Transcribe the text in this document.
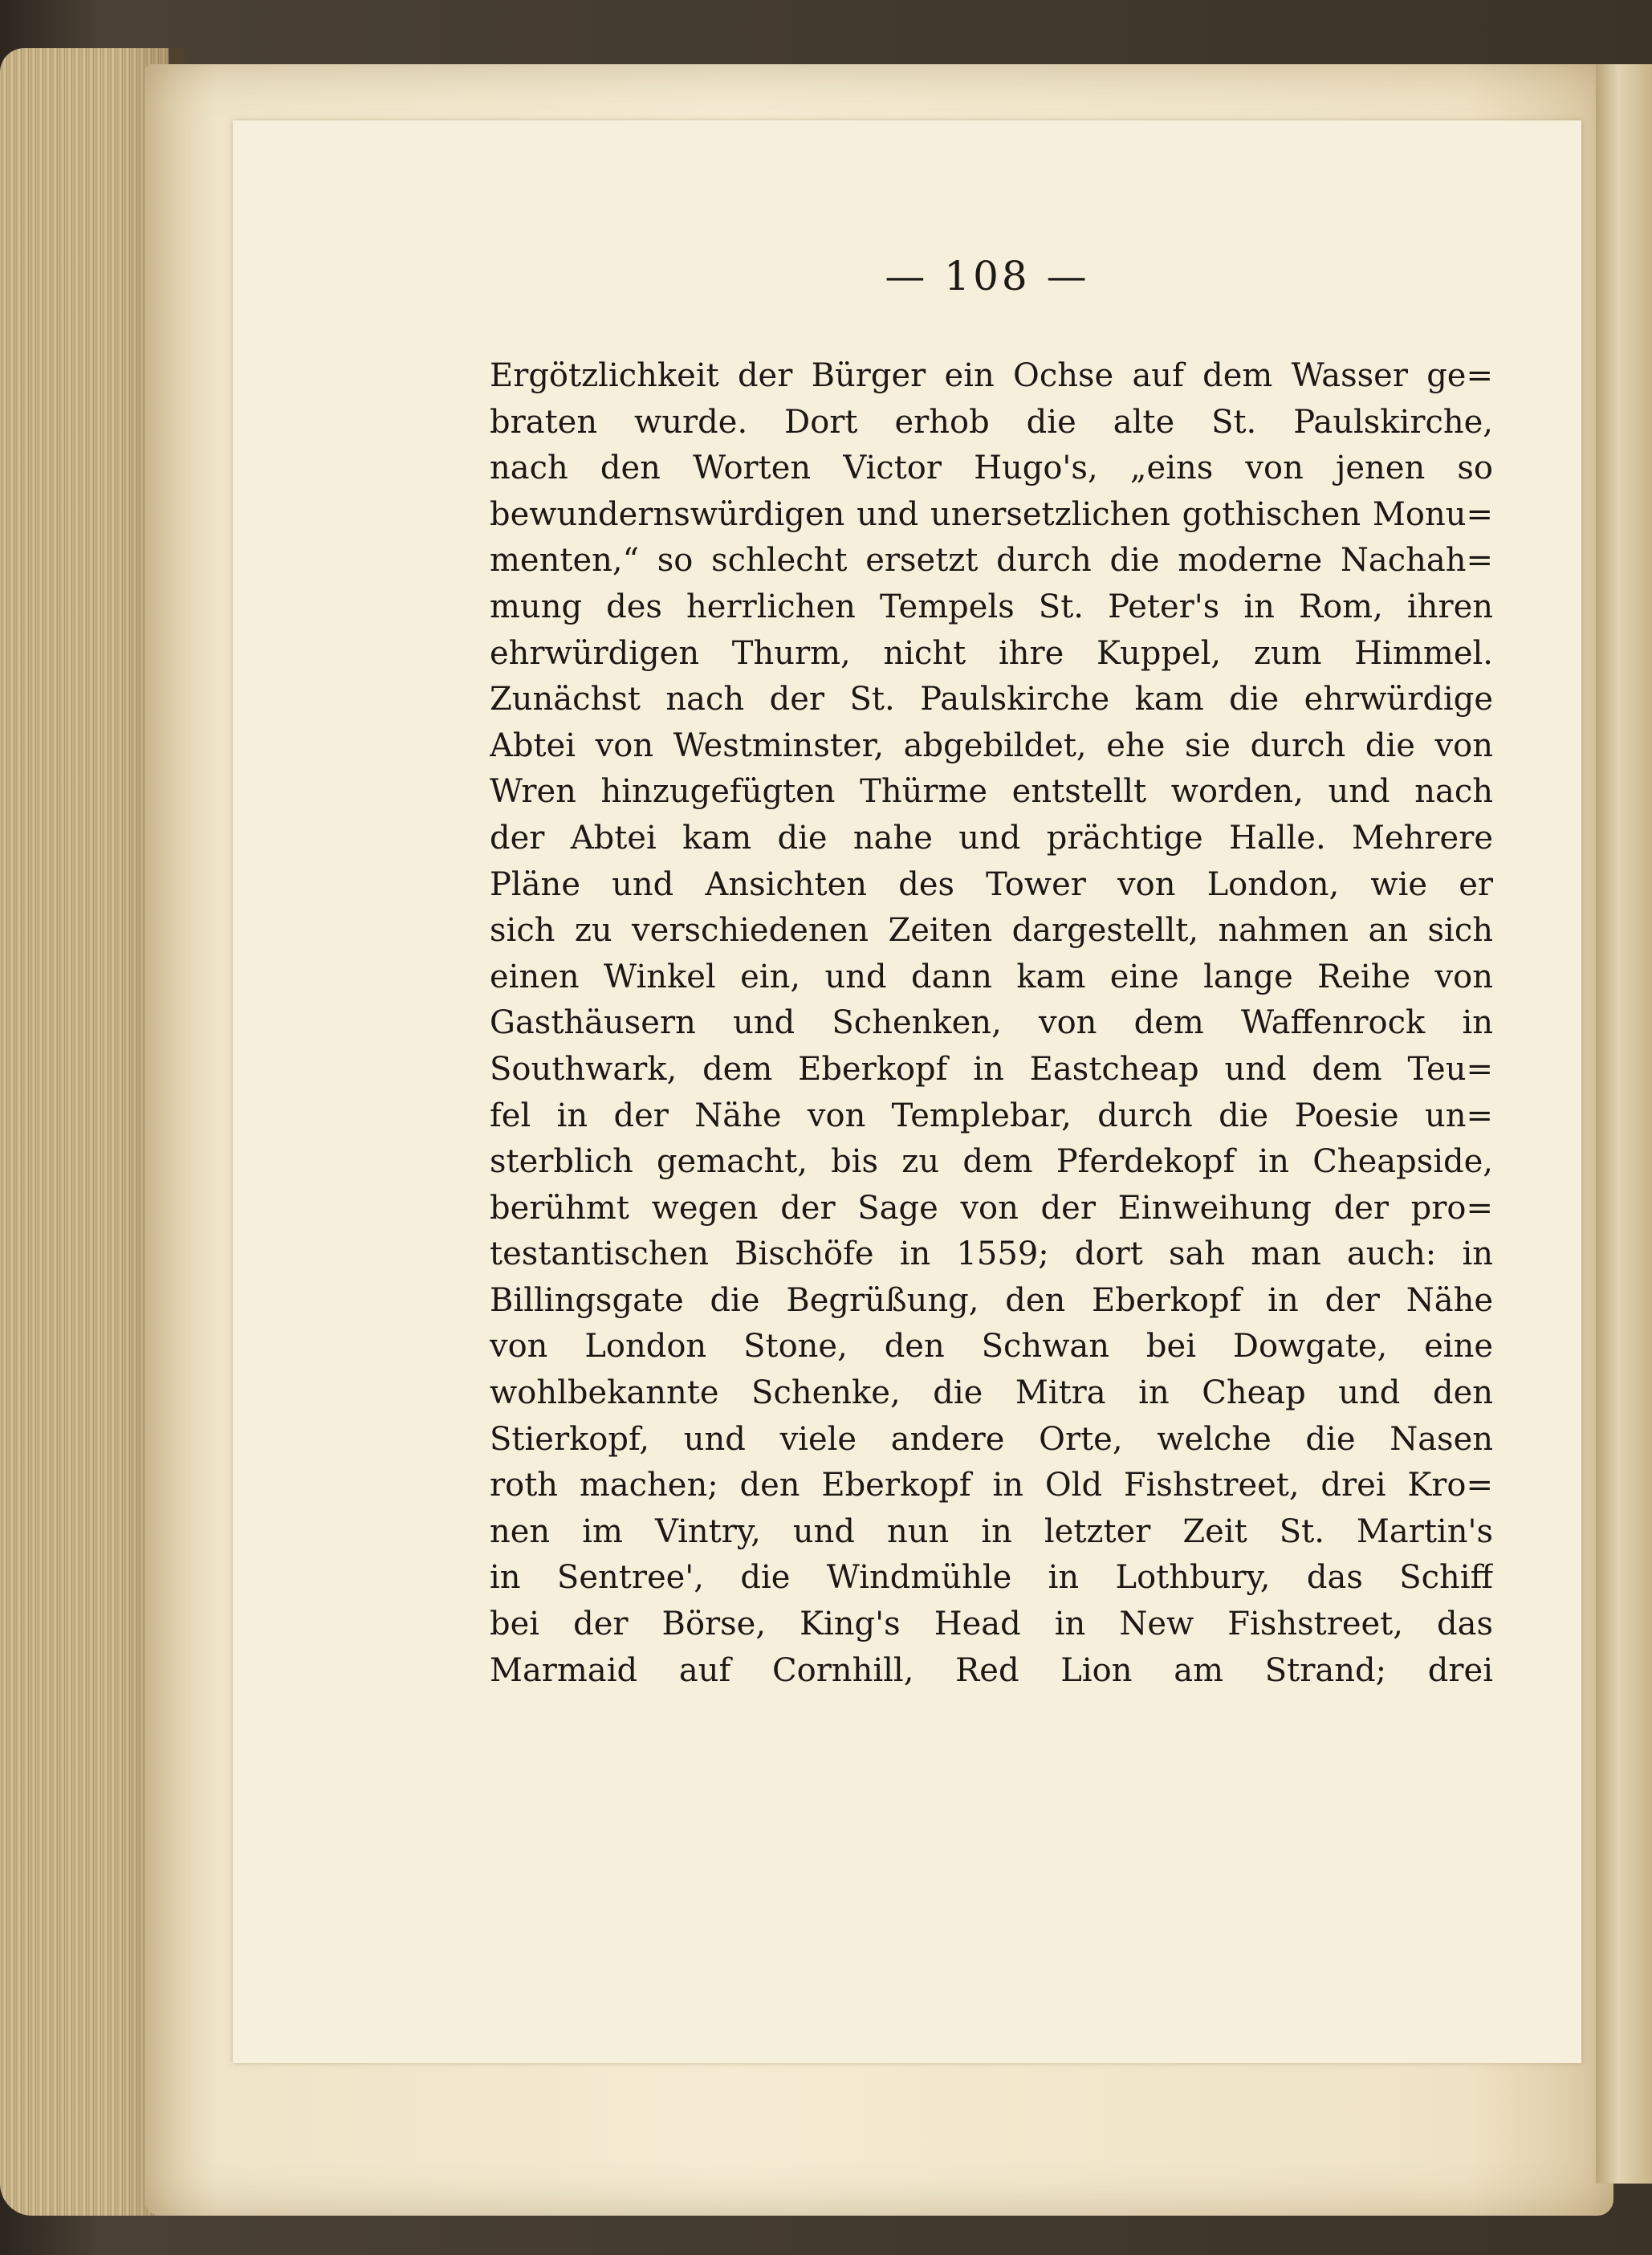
— 108 —
Ergötzlichkeit der Bürger ein Ochse auf dem Wasser ge=
braten wurde. Dort erhob die alte St. Paulskirche,
nach den Worten Victor Hugo's, „eins von jenen so
bewundernswürdigen und unersetzlichen gothischen Monu=
menten,“ so schlecht ersetzt durch die moderne Nachah=
mung des herrlichen Tempels St. Peter's in Rom, ihren
ehrwürdigen Thurm, nicht ihre Kuppel, zum Himmel.
Zunächst nach der St. Paulskirche kam die ehrwürdige
Abtei von Westminster, abgebildet, ehe sie durch die von
Wren hinzugefügten Thürme entstellt worden, und nach
der Abtei kam die nahe und prächtige Halle. Mehrere
Pläne und Ansichten des Tower von London, wie er
sich zu verschiedenen Zeiten dargestellt, nahmen an sich
einen Winkel ein, und dann kam eine lange Reihe von
Gasthäusern und Schenken, von dem Waffenrock in
Southwark, dem Eberkopf in Eastcheap und dem Teu=
fel in der Nähe von Templebar, durch die Poesie un=
sterblich gemacht, bis zu dem Pferdekopf in Cheapside,
berühmt wegen der Sage von der Einweihung der pro=
testantischen Bischöfe in 1559; dort sah man auch: in
Billingsgate die Begrüßung, den Eberkopf in der Nähe
von London Stone, den Schwan bei Dowgate, eine
wohlbekannte Schenke, die Mitra in Cheap und den
Stierkopf, und viele andere Orte, welche die Nasen
roth machen; den Eberkopf in Old Fishstreet, drei Kro=
nen im Vintry, und nun in letzter Zeit St. Martin's
in Sentree', die Windmühle in Lothbury, das Schiff
bei der Börse, King's Head in New Fishstreet, das
Marmaid auf Cornhill, Red Lion am Strand; drei
